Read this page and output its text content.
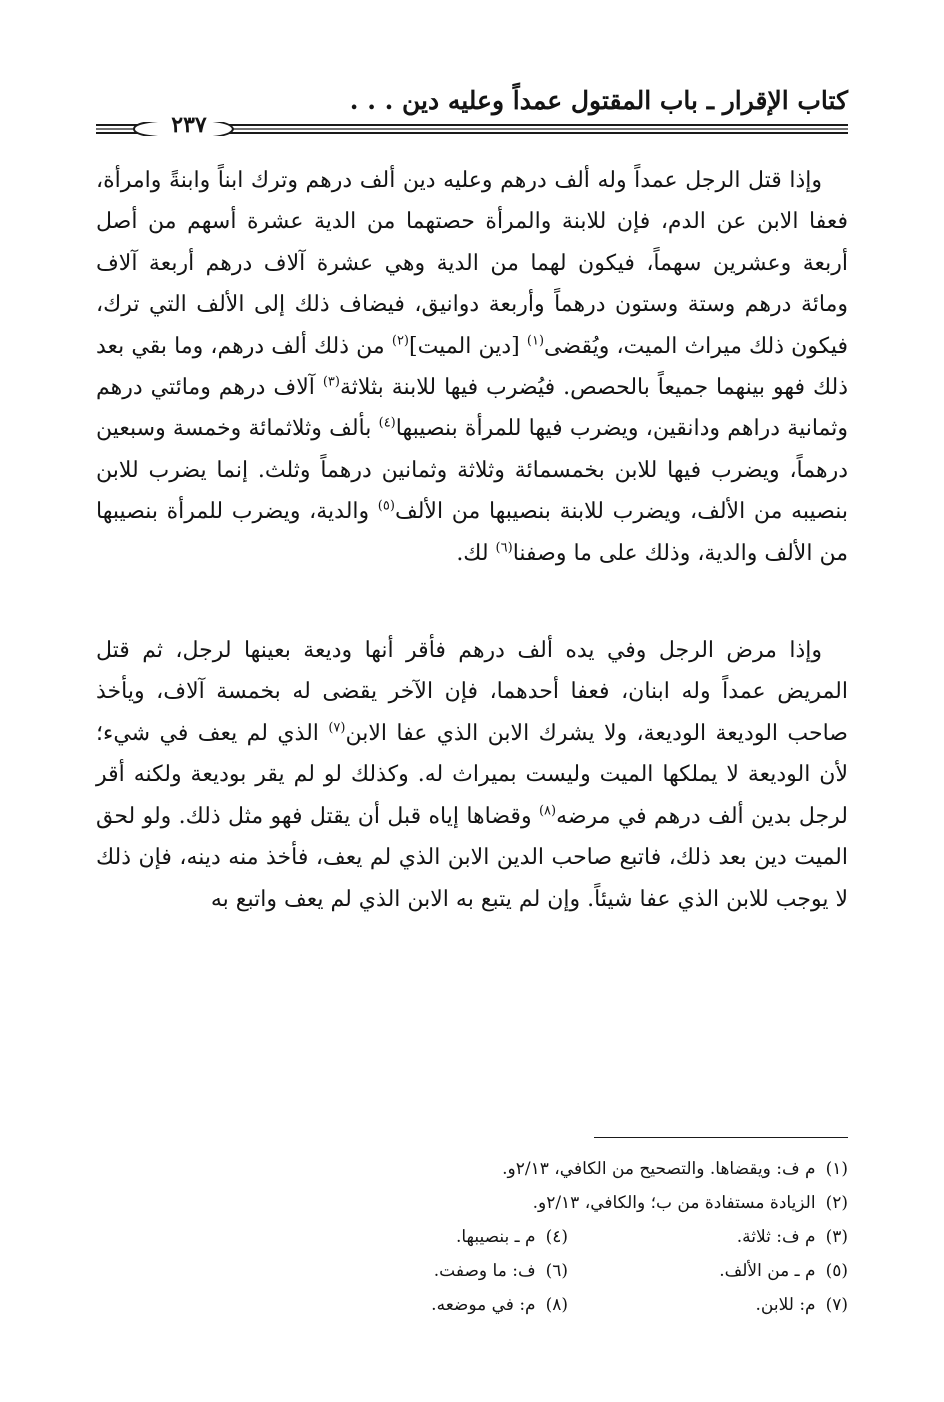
كتاب الإقرار ـ باب المقتول عمداً وعليه دين . . .
٢٣٧

وإذا قتل الرجل عمداً وله ألف درهم وعليه دين ألف درهم وترك ابناً وابنةً وامرأة، فعفا الابن عن الدم، فإن للابنة والمرأة حصتهما من الدية عشرة أسهم من أصل أربعة وعشرين سهماً، فيكون لهما من الدية وهي عشرة آلاف درهم أربعة آلاف ومائة درهم وستة وستون درهماً وأربعة دوانيق، فيضاف ذلك إلى الألف التي ترك، فيكون ذلك ميراث الميت، ويُقضى$^{(١)}$ [دين الميت]$^{(٢)}$ من ذلك ألف درهم، وما بقي بعد ذلك فهو بينهما جميعاً بالحصص. فيُضرب فيها للابنة بثلاثة$^{(٣)}$ آلاف درهم ومائتي درهم وثمانية دراهم ودانقين، ويضرب فيها للمرأة بنصيبها$^{(٤)}$ بألف وثلاثمائة وخمسة وسبعين درهماً، ويضرب فيها للابن بخمسمائة وثلاثة وثمانين درهماً وثلث. إنما يضرب للابن بنصيبه من الألف، ويضرب للابنة بنصيبها من الألف$^{(٥)}$ والدية، ويضرب للمرأة بنصيبها من الألف والدية، وذلك على ما وصفنا$^{(٦)}$ لك.

وإذا مرض الرجل وفي يده ألف درهم فأقر أنها وديعة بعينها لرجل، ثم قتل المريض عمداً وله ابنان، فعفا أحدهما، فإن الآخر يقضى له بخمسة آلاف، ويأخذ صاحب الوديعة الوديعة، ولا يشرك الابن الذي عفا الابن$^{(٧)}$ الذي لم يعف في شيء؛ لأن الوديعة لا يملكها الميت وليست بميراث له. وكذلك لو لم يقر بوديعة ولكنه أقر لرجل بدين ألف درهم في مرضه$^{(٨)}$ وقضاها إياه قبل أن يقتل فهو مثل ذلك. ولو لحق الميت دين بعد ذلك، فاتبع صاحب الدين الابن الذي لم يعف، فأخذ منه دينه، فإن ذلك لا يوجب للابن الذي عفا شيئاً. وإن لم يتبع به الابن الذي لم يعف واتبع به

(١)م ف: ويقضاها. والتصحيح من الكافي، ٢/١٣و.
(٢)الزيادة مستفادة من ب؛ والكافي، ٢/١٣و.
(٣)م ف: ثلاثة.
(٤)م ـ بنصيبها.
(٥)م ـ من الألف.
(٦)ف: ما وصفت.
(٧)م: للابن.
(٨)م: في موضعه.
